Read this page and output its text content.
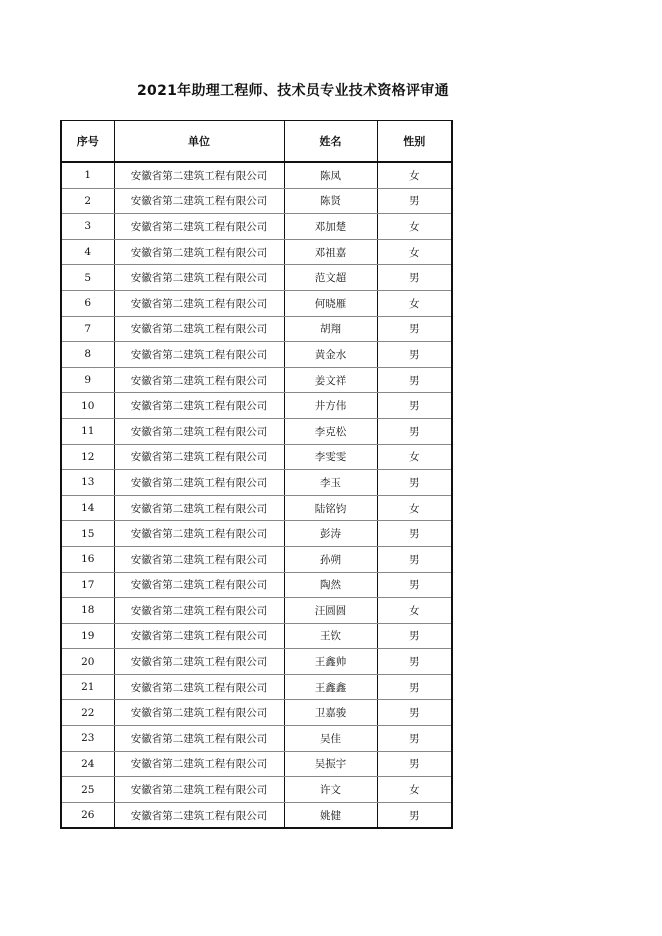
2021年助理工程师、技术员专业技术资格评审通
序号	单位	姓名	性别
1	安徽省第二建筑工程有限公司	陈凤	女
2	安徽省第二建筑工程有限公司	陈贤	男
3	安徽省第二建筑工程有限公司	邓加楚	女
4	安徽省第二建筑工程有限公司	邓祖嘉	女
5	安徽省第二建筑工程有限公司	范文超	男
6	安徽省第二建筑工程有限公司	何晓雁	女
7	安徽省第二建筑工程有限公司	胡翔	男
8	安徽省第二建筑工程有限公司	黄金水	男
9	安徽省第二建筑工程有限公司	姜文祥	男
10	安徽省第二建筑工程有限公司	井方伟	男
11	安徽省第二建筑工程有限公司	李克松	男
12	安徽省第二建筑工程有限公司	李雯雯	女
13	安徽省第二建筑工程有限公司	李玉	男
14	安徽省第二建筑工程有限公司	陆铭钧	女
15	安徽省第二建筑工程有限公司	彭涛	男
16	安徽省第二建筑工程有限公司	孙朔	男
17	安徽省第二建筑工程有限公司	陶然	男
18	安徽省第二建筑工程有限公司	汪圆圆	女
19	安徽省第二建筑工程有限公司	王钦	男
20	安徽省第二建筑工程有限公司	王鑫帅	男
21	安徽省第二建筑工程有限公司	王鑫鑫	男
22	安徽省第二建筑工程有限公司	卫嘉骏	男
23	安徽省第二建筑工程有限公司	吴佳	男
24	安徽省第二建筑工程有限公司	吴振宇	男
25	安徽省第二建筑工程有限公司	许文	女
26	安徽省第二建筑工程有限公司	姚健	男
